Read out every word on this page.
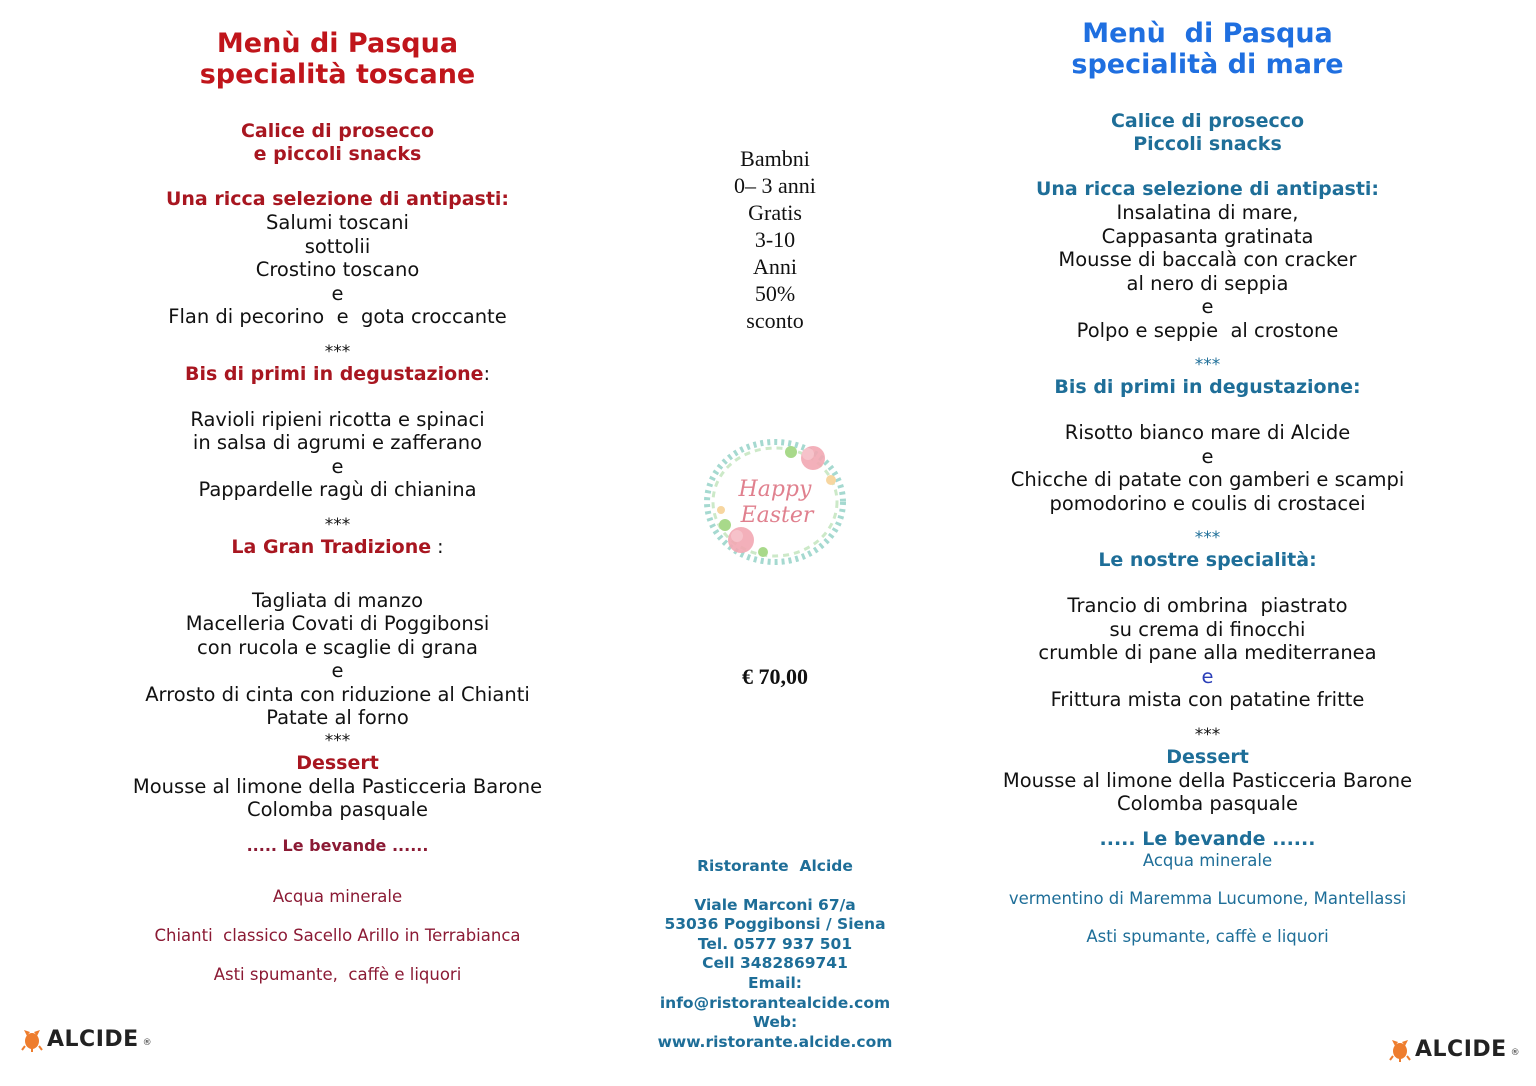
Menù di Pasqua
specialità toscane
Calice di prosecco
e piccoli snacks
Una ricca selezione di antipasti:
Salumi toscani
sottolii
Crostino toscano
e
Flan di pecorino  e  gota croccante
***
Bis di primi in degustazione:
Ravioli ripieni ricotta e spinaci
in salsa di agrumi e zafferano
e
Pappardelle ragù di chianina
***
La Gran Tradizione :
Tagliata di manzo
Macelleria Covati di Poggibonsi
con rucola e scaglie di grana
e
Arrosto di cinta con riduzione al Chianti
Patate al forno
***
Dessert
Mousse al limone della Pasticceria Barone
Colomba pasquale
..... Le bevande ......
Acqua minerale
Chianti  classico Sacello Arillo in Terrabianca
Asti spumante,  caffè e liquori
Bambni
0– 3 anni
Gratis
3-10
Anni
50%
sconto
Happy
Easter
€ 70,00
Ristorante  Alcide
Viale Marconi 67/a
53036 Poggibonsi / Siena
Tel. 0577 937 501
Cell 3482869741
Email:
info@ristorantealcide.com
Web:
www.ristorante.alcide.com
Menù  di Pasqua
specialità di mare
Calice di prosecco
Piccoli snacks
Una ricca selezione di antipasti:
Insalatina di mare,
Cappasanta gratinata
Mousse di baccalà con cracker
al nero di seppia
e
Polpo e seppie  al crostone
***
Bis di primi in degustazione:
Risotto bianco mare di Alcide
e
Chicche di patate con gamberi e scampi
pomodorino e coulis di crostacei
***
Le nostre specialità:
Trancio di ombrina  piastrato
su crema di finocchi
crumble di pane alla mediterranea
e
Frittura mista con patatine fritte
***
Dessert
Mousse al limone della Pasticceria Barone
Colomba pasquale
..... Le bevande ......
Acqua minerale
vermentino di Maremma Lucumone, Mantellassi
Asti spumante, caffè e liquori
ALCIDE ®	ALCIDE ®
